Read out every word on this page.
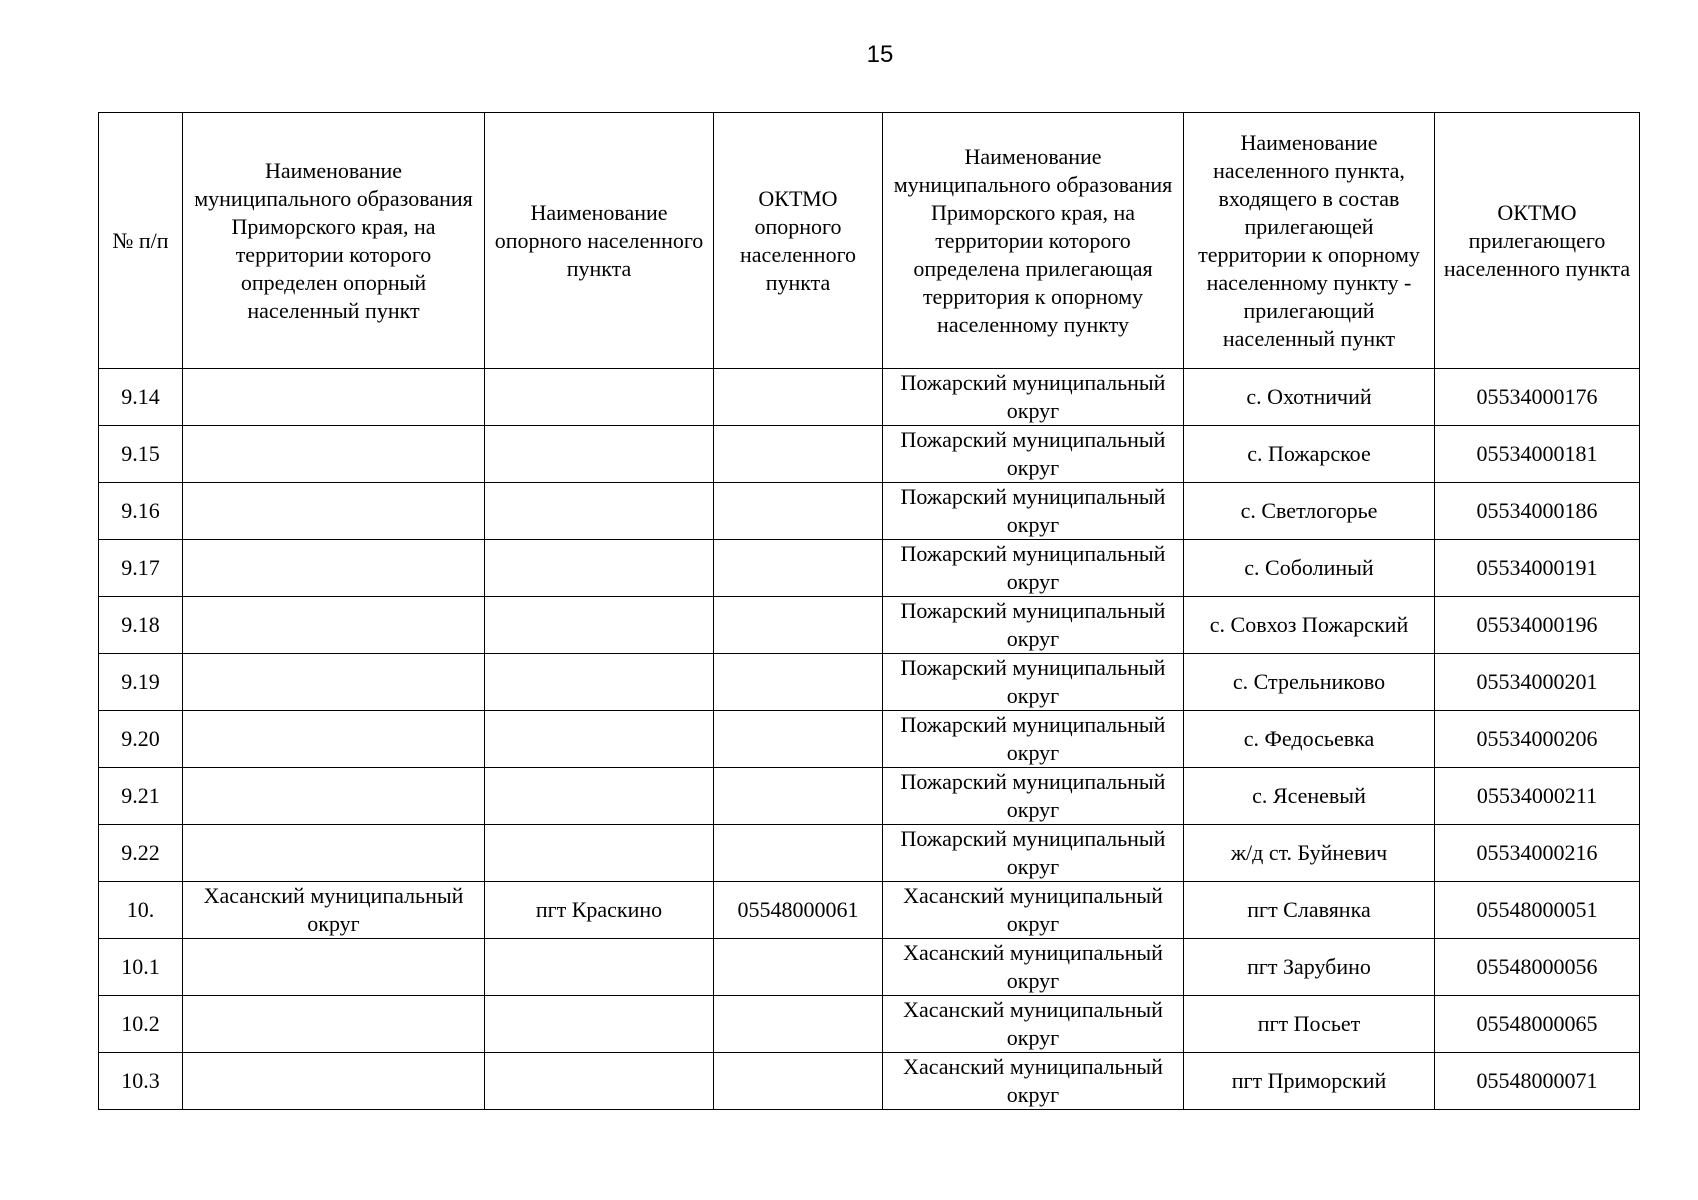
15
№ п/п	Наименование муниципального образования Приморского края, на территории которого определен опорный населенный пункт	Наименование опорного населенного пункта	ОКТМО опорного населенного пункта	Наименование муниципального образования Приморского края, на территории которого определена прилегающая территория к опорному населенному пункту	Наименование населенного пункта, входящего в состав прилегающей территории к опорному населенному пункту - прилегающий населенный пункт	ОКТМО прилегающего населенного пункта
9.14				Пожарский муниципальный округ	с. Охотничий	05534000176
9.15				Пожарский муниципальный округ	с. Пожарское	05534000181
9.16				Пожарский муниципальный округ	с. Светлогорье	05534000186
9.17				Пожарский муниципальный округ	с. Соболиный	05534000191
9.18				Пожарский муниципальный округ	с. Совхоз Пожарский	05534000196
9.19				Пожарский муниципальный округ	с. Стрельниково	05534000201
9.20				Пожарский муниципальный округ	с. Федосьевка	05534000206
9.21				Пожарский муниципальный округ	с. Ясеневый	05534000211
9.22				Пожарский муниципальный округ	ж/д ст. Буйневич	05534000216
10.	Хасанский муниципальный округ	пгт Краскино	05548000061	Хасанский муниципальный округ	пгт Славянка	05548000051
10.1				Хасанский муниципальный округ	пгт Зарубино	05548000056
10.2				Хасанский муниципальный округ	пгт Посьет	05548000065
10.3				Хасанский муниципальный округ	пгт Приморский	05548000071
